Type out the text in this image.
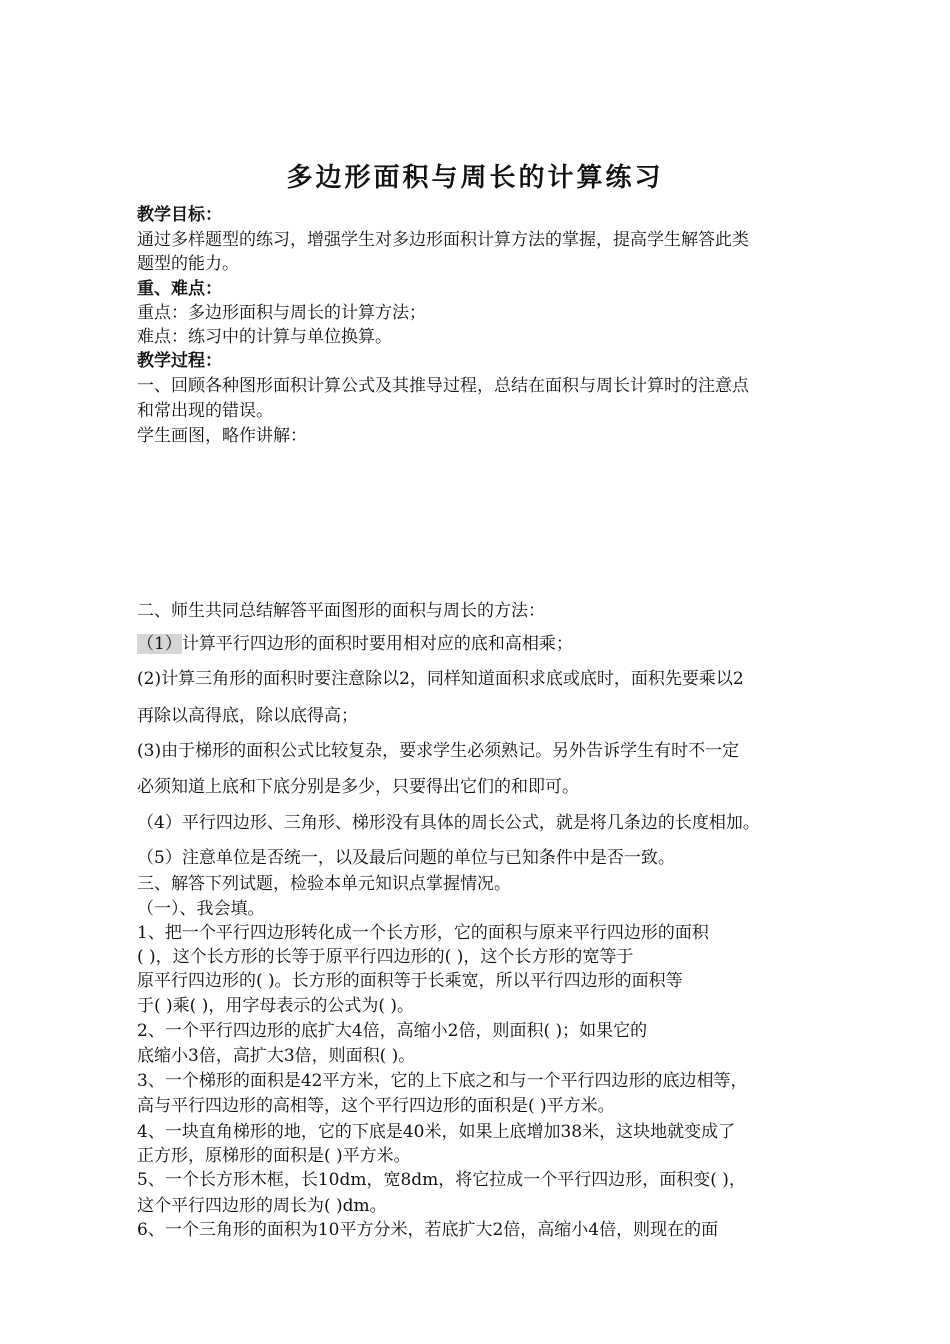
多边形面积与周长的计算练习
教学目标：
通过多样题型的练习，增强学生对多边形面积计算方法的掌握，提高学生解答此类
题型的能力。
重、难点：
重点：多边形面积与周长的计算方法；
难点：练习中的计算与单位换算。
教学过程：
一、回顾各种图形面积计算公式及其推导过程，总结在面积与周长计算时的注意点
和常出现的错误。
学生画图，略作讲解：
二、师生共同总结解答平面图形的面积与周长的方法：
（1）计算平行四边形的面积时要用相对应的底和高相乘；
(2)计算三角形的面积时要注意除以2，同样知道面积求底或底时，面积先要乘以2
再除以高得底，除以底得高；
(3)由于梯形的面积公式比较复杂，要求学生必须熟记。另外告诉学生有时不一定
必须知道上底和下底分别是多少，只要得出它们的和即可。
（4）平行四边形、三角形、梯形没有具体的周长公式，就是将几条边的长度相加。
（5）注意单位是否统一，以及最后问题的单位与已知条件中是否一致。
三、解答下列试题，检验本单元知识点掌握情况。
（一）、我会填。
1、把一个平行四边形转化成一个长方形，它的面积与原来平行四边形的面积
( )，这个长方形的长等于原平行四边形的( )，这个长方形的宽等于
原平行四边形的( )。长方形的面积等于长乘宽，所以平行四边形的面积等
于( )乘( )，用字母表示的公式为( )。
2、一个平行四边形的底扩大4倍，高缩小2倍，则面积( )；如果它的
底缩小3倍，高扩大3倍，则面积( )。
3、一个梯形的面积是42平方米，它的上下底之和与一个平行四边形的底边相等，
高与平行四边形的高相等，这个平行四边形的面积是( )平方米。
4、一块直角梯形的地，它的下底是40米，如果上底增加38米，这块地就变成了
正方形，原梯形的面积是( )平方米。
5、一个长方形木框，长10dm，宽8dm，将它拉成一个平行四边形，面积变( )，
这个平行四边形的周长为( )dm。
6、一个三角形的面积为10平方分米，若底扩大2倍，高缩小4倍，则现在的面
